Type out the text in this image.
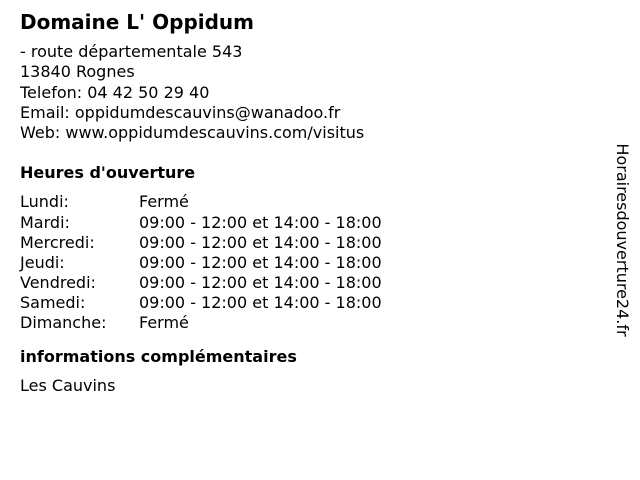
Domaine L' Oppidum
- route départementale 543
13840 Rognes
Telefon: 04 42 50 29 40
Email: oppidumdescauvins@wanadoo.fr
Web: www.oppidumdescauvins.com/visitus
Heures d'ouverture
Lundi:	Fermé
Mardi:	09:00 - 12:00 et 14:00 - 18:00
Mercredi:	09:00 - 12:00 et 14:00 - 18:00
Jeudi:	09:00 - 12:00 et 14:00 - 18:00
Vendredi:	09:00 - 12:00 et 14:00 - 18:00
Samedi:	09:00 - 12:00 et 14:00 - 18:00
Dimanche: Fermé
informations complémentaires
Les Cauvins
Horairesdouverture24.fr
